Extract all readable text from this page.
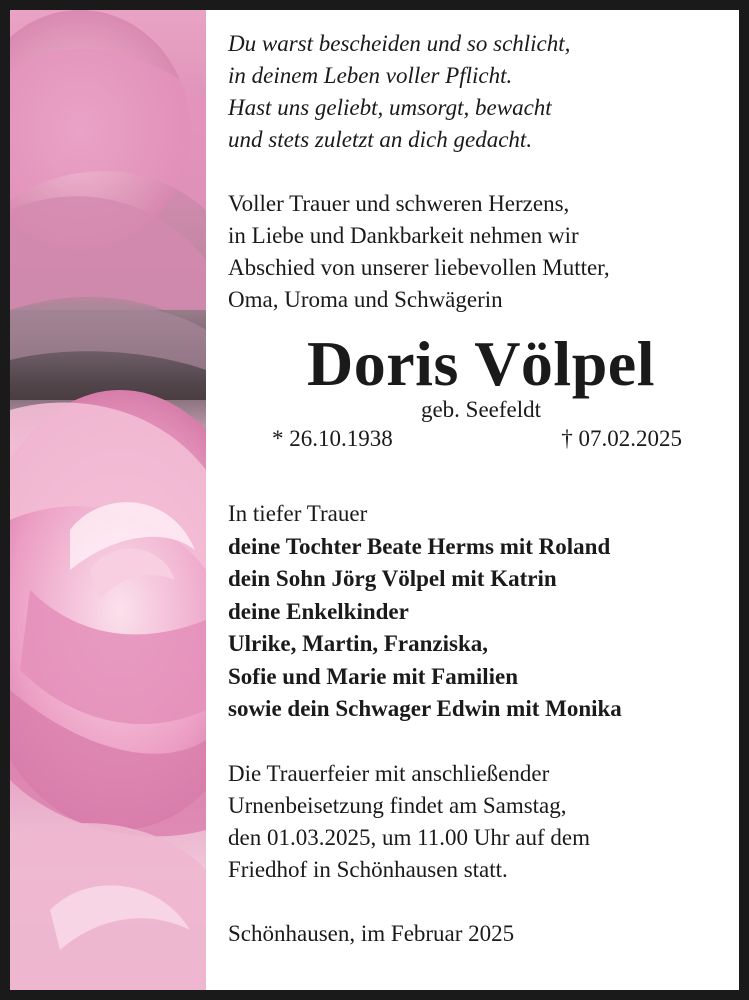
Du warst bescheiden und so schlicht,
in deinem Leben voller Pflicht.
Hast uns geliebt, umsorgt, bewacht
und stets zuletzt an dich gedacht.
Voller Trauer und schweren Herzens,
in Liebe und Dankbarkeit nehmen wir
Abschied von unserer liebevollen Mutter,
Oma, Uroma und Schwägerin
Doris Völpel
geb. Seefeldt
* 26.10.1938	† 07.02.2025
In tiefer Trauer
deine Tochter Beate Herms mit Roland
dein Sohn Jörg Völpel mit Katrin
deine Enkelkinder
Ulrike, Martin, Franziska,
Sofie und Marie mit Familien
sowie dein Schwager Edwin mit Monika
Die Trauerfeier mit anschließender
Urnenbeisetzung findet am Samstag,
den 01.03.2025, um 11.00 Uhr auf dem
Friedhof in Schönhausen statt.
Schönhausen, im Februar 2025
